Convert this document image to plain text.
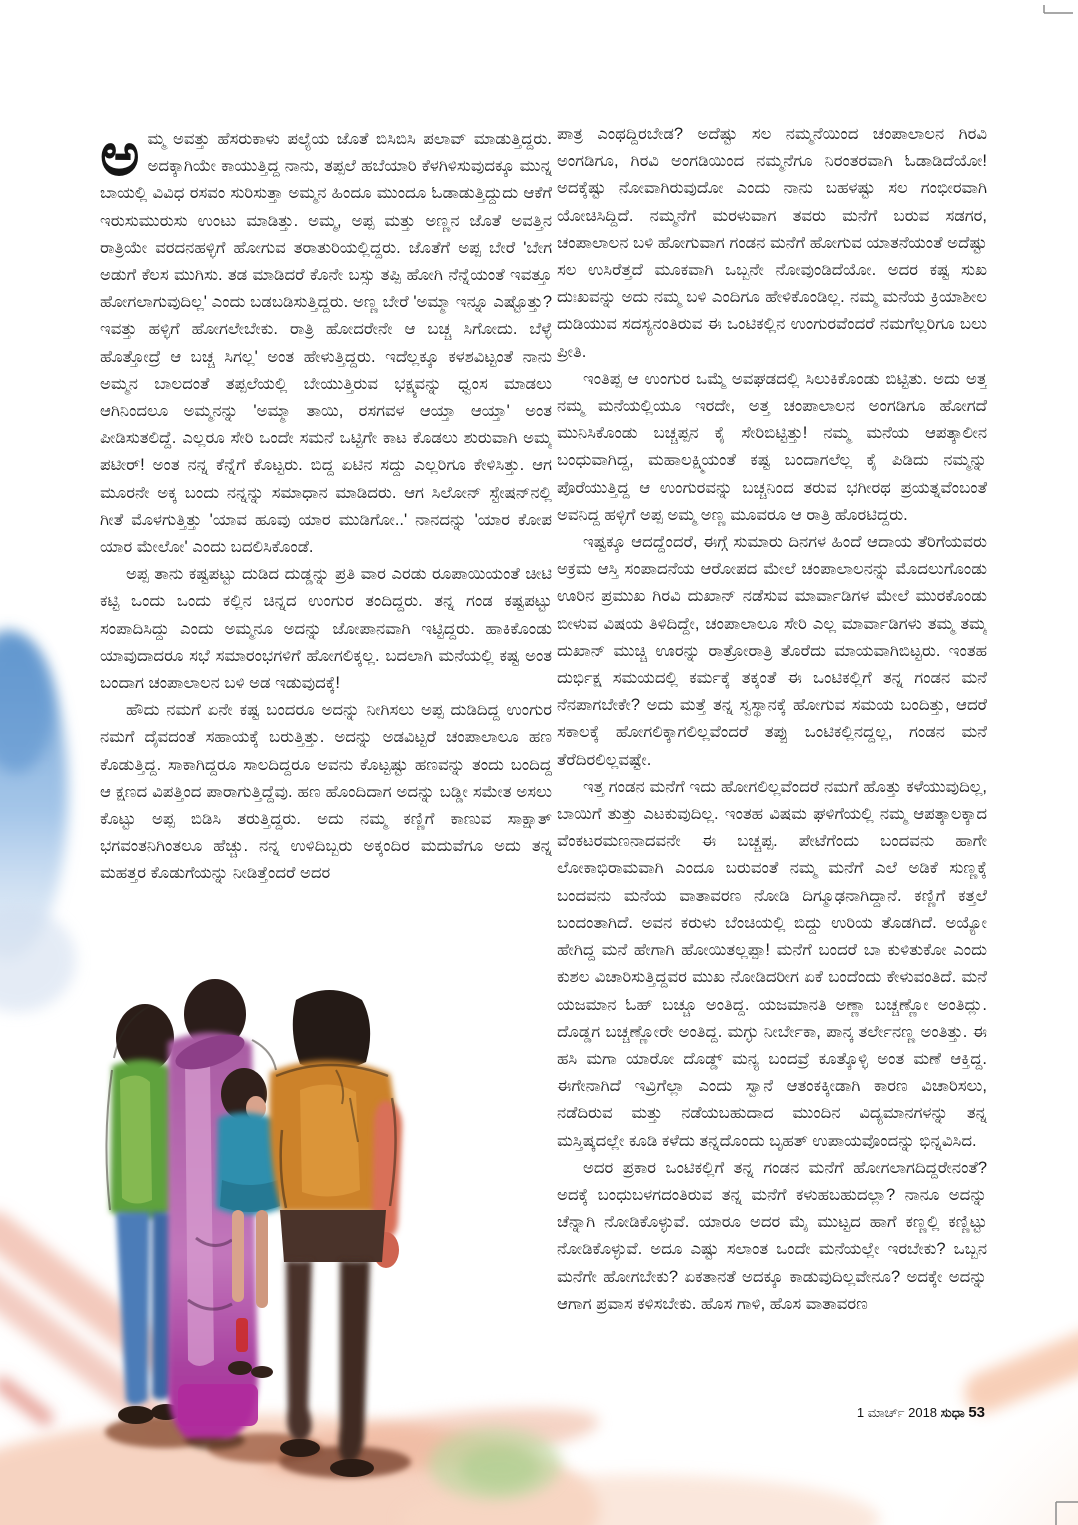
ಅಮ್ಮ ಅವತ್ತು ಹೆಸರುಕಾಳು ಪಲ್ಯೆಯ ಜೊತೆ ಬಿಸಿಬಿಸಿ ಪಲಾವ್ ಮಾಡುತ್ತಿದ್ದರು. ಅದಕ್ಕಾಗಿಯೇ ಕಾಯುತ್ತಿದ್ದ ನಾನು, ತಪ್ಪಲೆ ಹಬೆಯಾರಿ ಕೆಳಗಿಳಿಸುವುದಕ್ಕೂ ಮುನ್ನ ಬಾಯಲ್ಲಿ ವಿವಿಧ ರಸವಂ ಸುರಿಸುತ್ತಾ ಅಮ್ಮನ ಹಿಂದೂ ಮುಂದೂ ಓಡಾಡುತ್ತಿದ್ದುದು ಆಕೆಗೆ ಇರುಸುಮುರುಸು ಉಂಟು ಮಾಡಿತ್ತು. ಅಮ್ಮ, ಅಪ್ಪ ಮತ್ತು ಅಣ್ಣನ ಜೊತೆ ಅವತ್ತಿನ ರಾತ್ರಿಯೇ ವರದನಹಳ್ಳಿಗೆ ಹೋಗುವ ತರಾತುರಿಯಲ್ಲಿದ್ದರು. ಜೊತೆಗೆ ಅಪ್ಪ ಬೇರೆ 'ಬೇಗ ಅಡುಗೆ ಕೆಲಸ ಮುಗಿಸು. ತಡ ಮಾಡಿದರೆ ಕೊನೇ ಬಸ್ಸು ತಪ್ಪಿ ಹೋಗಿ ನೆನ್ನೆಯಂತೆ ಇವತ್ತೂ ಹೋಗಲಾಗುವುದಿಲ್ಲ' ಎಂದು ಬಡಬಡಿಸುತ್ತಿದ್ದರು. ಅಣ್ಣ ಬೇರೆ 'ಅಮ್ಮಾ ಇನ್ನೂ ಎಷ್ಟೊತ್ತು? ಇವತ್ತು ಹಳ್ಳಿಗೆ ಹೋಗಲೇಬೇಕು. ರಾತ್ರಿ ಹೋದರೇನೇ ಆ ಬಚ್ಚ ಸಿಗೋದು. ಬೆಳ್ಳೆ ಹೊತ್ತೋದ್ರೆ ಆ ಬಚ್ಚ ಸಿಗಲ್ಲ' ಅಂತ ಹೇಳುತ್ತಿದ್ದರು. ಇದೆಲ್ಲಕ್ಕೂ ಕಳಶವಿಟ್ಟಂತೆ ನಾನು ಅಮ್ಮನ ಬಾಲದಂತೆ ತಪ್ಪಲೆಯಲ್ಲಿ ಬೇಯುತ್ತಿರುವ ಭಕ್ಷ್ಯವನ್ನು ಧ್ವಂಸ ಮಾಡಲು ಆಗಿನಿಂದಲೂ ಅಮ್ಮನನ್ನು 'ಅಮ್ಮಾ ತಾಯಿ, ರಸಗವಳ ಆಯ್ತಾ ಆಯ್ತಾ' ಅಂತ ಪೀಡಿಸುತಲಿದ್ದೆ. ಎಲ್ಲರೂ ಸೇರಿ ಒಂದೇ ಸಮನೆ ಒಟ್ಟಿಗೇ ಕಾಟ ಕೊಡಲು ಶುರುವಾಗಿ ಅಮ್ಮ ಪಟೀರ್! ಅಂತ ನನ್ನ ಕೆನ್ನೆಗೆ ಕೊಟ್ಟರು. ಬಿದ್ದ ಏಟಿನ ಸದ್ದು ಎಲ್ಲರಿಗೂ ಕೇಳಿಸಿತ್ತು. ಆಗ ಮೂರನೇ ಅಕ್ಕ ಬಂದು ನನ್ನನ್ನು ಸಮಾಧಾನ ಮಾಡಿದರು. ಆಗ ಸಿಲೋನ್ ಸ್ಟೇಷನ್‌ನಲ್ಲಿ ಗೀತೆ ಮೊಳಗುತ್ತಿತ್ತು 'ಯಾವ ಹೂವು ಯಾರ ಮುಡಿಗೋ..' ನಾನದನ್ನು 'ಯಾರ ಕೋಪ ಯಾರ ಮೇಲೋ' ಎಂದು ಬದಲಿಸಿಕೊಂಡೆ.

ಅಪ್ಪ ತಾನು ಕಷ್ಟಪಟ್ಟು ದುಡಿದ ದುಡ್ಡನ್ನು ಪ್ರತಿ ವಾರ ಎರಡು ರೂಪಾಯಿಯಂತೆ ಚೀಟಿ ಕಟ್ಟಿ ಒಂದು ಒಂದು ಕಲ್ಲಿನ ಚಿನ್ನದ ಉಂಗುರ ತಂದಿದ್ದರು. ತನ್ನ ಗಂಡ ಕಷ್ಟಪಟ್ಟು ಸಂಪಾದಿಸಿದ್ದು ಎಂದು ಅಮ್ಮನೂ ಅದನ್ನು ಜೋಪಾನವಾಗಿ ಇಟ್ಟಿದ್ದರು. ಹಾಕಿಕೊಂಡು ಯಾವುದಾದರೂ ಸಭೆ ಸಮಾರಂಭಗಳಿಗೆ ಹೋಗಲಿಕ್ಕಲ್ಲ. ಬದಲಾಗಿ ಮನೆಯಲ್ಲಿ ಕಷ್ಟ ಅಂತ ಬಂದಾಗ ಚಂಪಾಲಾಲನ ಬಳಿ ಅಡ ಇಡುವುದಕ್ಕೆ!

ಹೌದು ನಮಗೆ ಏನೇ ಕಷ್ಟ ಬಂದರೂ ಅದನ್ನು ನೀಗಿಸಲು ಅಪ್ಪ ದುಡಿದಿದ್ದ ಉಂಗುರ ನಮಗೆ ದೈವದಂತೆ ಸಹಾಯಕ್ಕೆ ಬರುತ್ತಿತ್ತು. ಅದನ್ನು ಅಡವಿಟ್ಟರೆ ಚಂಪಾಲಾಲೂ ಹಣ ಕೊಡುತ್ತಿದ್ದ. ಸಾಕಾಗಿದ್ದರೂ ಸಾಲದಿದ್ದರೂ ಅವನು ಕೊಟ್ಟಷ್ಟು ಹಣವನ್ನು ತಂದು ಬಂದಿದ್ದ ಆ ಕ್ಷಣದ ವಿಪತ್ತಿಂದ ಪಾರಾಗುತ್ತಿದ್ದೆವು. ಹಣ ಹೊಂದಿದಾಗ ಅದನ್ನು ಬಡ್ಡೀ ಸಮೇತ ಅಸಲು ಕೊಟ್ಟು ಅಪ್ಪ ಬಿಡಿಸಿ ತರುತ್ತಿದ್ದರು. ಅದು ನಮ್ಮ ಕಣ್ಣಿಗೆ ಕಾಣುವ ಸಾಕ್ಷಾತ್ ಭಗವಂತನಿಗಿಂತಲೂ ಹೆಚ್ಚು. ನನ್ನ ಉಳಿದಿಬ್ಬರು ಅಕ್ಕಂದಿರ ಮದುವೆಗೂ ಅದು ತನ್ನ ಮಹತ್ತರ ಕೊಡುಗೆಯನ್ನು ನೀಡಿತ್ತೆಂದರೆ ಅದರ

ಪಾತ್ರ ಎಂಥದ್ದಿರಬೇಡ? ಅದೆಷ್ಟು ಸಲ ನಮ್ಮನೆಯಿಂದ ಚಂಪಾಲಾಲನ ಗಿರವಿ ಅಂಗಡಿಗೂ, ಗಿರವಿ ಅಂಗಡಿಯಿಂದ ನಮ್ಮನೆಗೂ ನಿರಂತರವಾಗಿ ಓಡಾಡಿದೆಯೋ! ಅದಕ್ಕೆಷ್ಟು ನೋವಾಗಿರುವುದೋ ಎಂದು ನಾನು ಬಹಳಷ್ಟು ಸಲ ಗಂಭೀರವಾಗಿ ಯೋಚಿಸಿದ್ದಿದೆ. ನಮ್ಮನೆಗೆ ಮರಳುವಾಗ ತವರು ಮನೆಗೆ ಬರುವ ಸಡಗರ, ಚಂಪಾಲಾಲನ ಬಳಿ ಹೋಗುವಾಗ ಗಂಡನ ಮನೆಗೆ ಹೋಗುವ ಯಾತನೆಯಂತೆ ಅದೆಷ್ಟು ಸಲ ಉಸಿರೆತ್ತದೆ ಮೂಕವಾಗಿ ಒಬ್ಬನೇ ನೋವುಂಡಿದೆಯೋ. ಅದರ ಕಷ್ಟ ಸುಖ ದುಃಖವನ್ನು ಅದು ನಮ್ಮ ಬಳಿ ಎಂದಿಗೂ ಹೇಳಿಕೊಂಡಿಲ್ಲ. ನಮ್ಮ ಮನೆಯ ಕ್ರಿಯಾಶೀಲ ದುಡಿಯುವ ಸದಸ್ಯನಂತಿರುವ ಈ ಒಂಟಿಕಲ್ಲಿನ ಉಂಗುರವೆಂದರೆ ನಮಗೆಲ್ಲರಿಗೂ ಬಲು ಪ್ರೀತಿ.

ಇಂತಿಪ್ಪ ಆ ಉಂಗುರ ಒಮ್ಮೆ ಅವಘಡದಲ್ಲಿ ಸಿಲುಕಿಕೊಂಡು ಬಿಟ್ಟಿತು. ಅದು ಅತ್ತ ನಮ್ಮ ಮನೆಯಲ್ಲಿಯೂ ಇರದೇ, ಅತ್ತ ಚಂಪಾಲಾಲನ ಅಂಗಡಿಗೂ ಹೋಗದೆ ಮುನಿಸಿಕೊಂಡು ಬಚ್ಚಪ್ಪನ ಕೈ ಸೇರಿಬಿಟ್ಟಿತ್ತು! ನಮ್ಮ ಮನೆಯ ಆಪತ್ಕಾಲೀನ ಬಂಧುವಾಗಿದ್ದ, ಮಹಾಲಕ್ಷ್ಮಿಯಂತೆ ಕಷ್ಟ ಬಂದಾಗಲೆಲ್ಲ ಕೈ ಪಿಡಿದು ನಮ್ಮನ್ನು ಪೊರೆಯುತ್ತಿದ್ದ ಆ ಉಂಗುರವನ್ನು ಬಚ್ಚನಿಂದ ತರುವ ಭಗೀರಥ ಪ್ರಯತ್ನವೆಂಬಂತೆ ಅವನಿದ್ದ ಹಳ್ಳಿಗೆ ಅಪ್ಪ ಅಮ್ಮ ಅಣ್ಣ ಮೂವರೂ ಆ ರಾತ್ರಿ ಹೊರಟಿದ್ದರು.

ಇಷ್ಟಕ್ಕೂ ಆದದ್ದೆಂದರೆ, ಈಗ್ಗೆ ಸುಮಾರು ದಿನಗಳ ಹಿಂದೆ ಆದಾಯ ತೆರಿಗೆಯವರು ಅಕ್ರಮ ಆಸ್ತಿ ಸಂಪಾದನೆಯ ಆರೋಪದ ಮೇಲೆ ಚಂಪಾಲಾಲನನ್ನು ಮೊದಲುಗೊಂಡು ಊರಿನ ಪ್ರಮುಖ ಗಿರವಿ ದುಖಾನ್ ನಡೆಸುವ ಮಾರ್ವಾಡಿಗಳ ಮೇಲೆ ಮುರಕೊಂಡು ಬೀಳುವ ವಿಷಯ ತಿಳಿದಿದ್ದೇ, ಚಂಪಾಲಾಲೂ ಸೇರಿ ಎಲ್ಲ ಮಾರ್ವಾಡಿಗಳು ತಮ್ಮ ತಮ್ಮ ದುಖಾನ್ ಮುಚ್ಚಿ ಊರನ್ನು ರಾತ್ರೋರಾತ್ರಿ ತೊರೆದು ಮಾಯವಾಗಿಬಿಟ್ಟರು. ಇಂತಹ ದುರ್ಭಿಕ್ಷ ಸಮಯದಲ್ಲಿ ಕರ್ಮಕ್ಕೆ ತಕ್ಕಂತೆ ಈ ಒಂಟಿಕಲ್ಲಿಗೆ ತನ್ನ ಗಂಡನ ಮನೆ ನೆನಪಾಗಬೇಕೇ? ಅದು ಮತ್ತೆ ತನ್ನ ಸ್ವಸ್ಥಾನಕ್ಕೆ ಹೋಗುವ ಸಮಯ ಬಂದಿತ್ತು, ಆದರೆ ಸಕಾಲಕ್ಕೆ ಹೋಗಲಿಕ್ಕಾಗಲಿಲ್ಲವೆಂದರೆ ತಪ್ಪು ಒಂಟಿಕಲ್ಲಿನದ್ದಲ್ಲ, ಗಂಡನ ಮನೆ ತೆರೆದಿರಲಿಲ್ಲವಷ್ಟೇ.

ಇತ್ತ ಗಂಡನ ಮನೆಗೆ ಇದು ಹೋಗಲಿಲ್ಲವೆಂದರೆ ನಮಗೆ ಹೊತ್ತು ಕಳೆಯುವುದಿಲ್ಲ, ಬಾಯಿಗೆ ತುತ್ತು ಎಟಕುವುದಿಲ್ಲ. ಇಂತಹ ವಿಷಮ ಘಳಿಗೆಯಲ್ಲಿ ನಮ್ಮ ಆಪತ್ಕಾಲಕ್ಕಾದ ವೆಂಕಟರಮಣನಾದವನೇ ಈ ಬಚ್ಚಪ್ಪ. ಪೇಟೆಗೆಂದು ಬಂದವನು ಹಾಗೇ ಲೋಕಾಭಿರಾಮವಾಗಿ ಎಂದೂ ಬರುವಂತೆ ನಮ್ಮ ಮನೆಗೆ ಎಲೆ ಅಡಿಕೆ ಸುಣ್ಣಕ್ಕೆ ಬಂದವನು ಮನೆಯ ವಾತಾವರಣ ನೋಡಿ ದಿಗ್ಮೂಢನಾಗಿದ್ದಾನೆ. ಕಣ್ಣಿಗೆ ಕತ್ತಲೆ ಬಂದಂತಾಗಿದೆ. ಅವನ ಕರುಳು ಬೆಂಚಿಯಲ್ಲಿ ಬಿದ್ದು ಉರಿಯ ತೊಡಗಿದೆ. ಅಯ್ಯೋ ಹೇಗಿದ್ದ ಮನೆ ಹೇಗಾಗಿ ಹೋಯಿತಲ್ಲಪ್ಪಾ! ಮನೆಗೆ ಬಂದರೆ ಬಾ ಕುಳಿತುಕೋ ಎಂದು ಕುಶಲ ವಿಚಾರಿಸುತ್ತಿದ್ದವರ ಮುಖ ನೋಡಿದರೀಗ ಏಕೆ ಬಂದೆಂದು ಕೇಳುವಂತಿದೆ. ಮನೆ ಯಜಮಾನ ಓಹ್ ಬಚ್ಚೂ ಅಂತಿದ್ದ. ಯಜಮಾನತಿ ಅಣ್ಣಾ ಬಚ್ಚಣ್ಣೋ ಅಂತಿದ್ಲು. ದೊಡ್ಡಗ ಬಚ್ಚಣ್ಣೋರೇ ಅಂತಿದ್ದ. ಮಗ್ಳು ನೀರ್ಬೇಕಾ, ಪಾನ್ಕ ತರ್ಲೇನಣ್ಣ ಅಂತಿತ್ತು. ಈ ಹಸಿ ಮಗಾ ಯಾರೋ ದೊಡ್ಡ್ ಮನ್ಯ ಬಂದವ್ರೆ ಕೂತ್ಕೊಳ್ಳಿ ಅಂತ ಮಣೆ ಆಕ್ತಿದ್ದ. ಈಗೇನಾಗಿದೆ ಇವ್ರಿಗೆಲ್ಲಾ ಎಂದು ಸ್ವಾನೆ ಆತಂಕಕ್ಕೀಡಾಗಿ ಕಾರಣ ವಿಚಾರಿಸಲು, ನಡೆದಿರುವ ಮತ್ತು ನಡೆಯಬಹುದಾದ ಮುಂದಿನ ವಿದ್ಯಮಾನಗಳನ್ನು ತನ್ನ ಮಸ್ತಿಷ್ಕದಲ್ಲೇ ಕೂಡಿ ಕಳೆದು ತನ್ನದೊಂದು ಬೃಹತ್ ಉಪಾಯವೊಂದನ್ನು ಭಿನ್ನವಿಸಿದ.

ಅದರ ಪ್ರಕಾರ ಒಂಟಿಕಲ್ಲಿಗೆ ತನ್ನ ಗಂಡನ ಮನೆಗೆ ಹೋಗಲಾಗದಿದ್ದರೇನಂತೆ? ಅದಕ್ಕೆ ಬಂಧುಬಳಗದಂತಿರುವ ತನ್ನ ಮನೆಗೆ ಕಳುಹಬಹುದಲ್ಲಾ? ನಾನೂ ಅದನ್ನು ಚೆನ್ನಾಗಿ ನೋಡಿಕೊಳ್ಳುವೆ. ಯಾರೂ ಅದರ ಮೈ ಮುಟ್ಟದ ಹಾಗೆ ಕಣ್ಣಲ್ಲಿ ಕಣ್ಣಿಟ್ಟು ನೋಡಿಕೊಳ್ಳುವೆ. ಅದೂ ಎಷ್ಟು ಸಲಾಂತ ಒಂದೇ ಮನೆಯಲ್ಲೇ ಇರಬೇಕು? ಒಬ್ಬನ ಮನೆಗೇ ಹೋಗಬೇಕು? ಏಕತಾನತೆ ಅದಕ್ಕೂ ಕಾಡುವುದಿಲ್ಲವೇನೂ? ಅದಕ್ಕೇ ಅದನ್ನು ಆಗಾಗ ಪ್ರವಾಸ ಕಳಿಸಬೇಕು. ಹೊಸ ಗಾಳಿ, ಹೊಸ ವಾತಾವರಣ

1 ಮಾರ್ಚ್ 2018 ಸುಧಾ 53
